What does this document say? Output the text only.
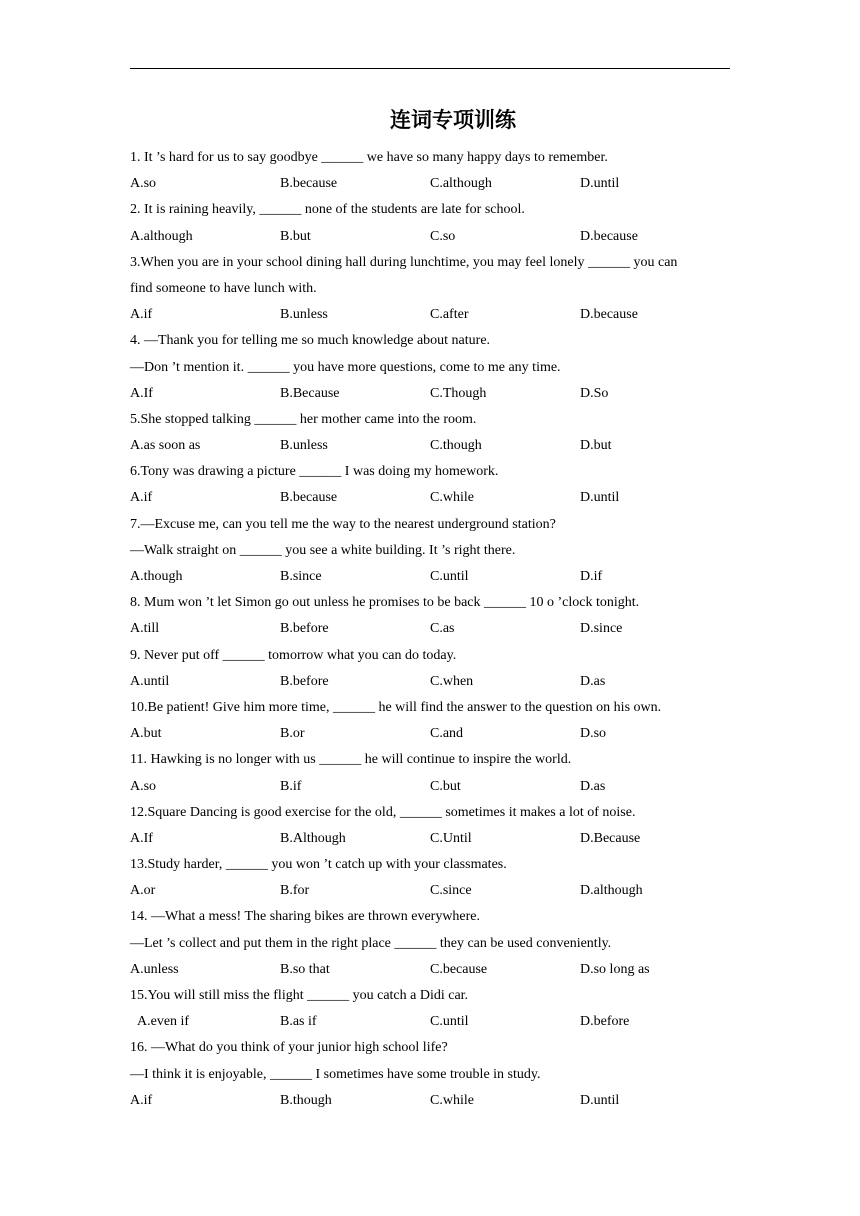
连词专项训练
1. It ’s hard for us to say goodbye ______ we have so many happy days to remember.
A.so	B.because	C.although	D.until
2. It is raining heavily, ______ none of the students are late for school.
A.although	B.but	C.so	D.because
3.When you are in your school dining hall during lunchtime, you may feel lonely ______ you can
find someone to have lunch with.
A.if	B.unless	C.after	D.because
4. —Thank you for telling me so much knowledge about nature.
—Don ’t mention it. ______ you have more questions, come to me any time.
A.If	B.Because	C.Though	D.So
5.She stopped talking ______ her mother came into the room.
A.as soon as	B.unless	C.though	D.but
6.Tony was drawing a picture ______ I was doing my homework.
A.if	B.because	C.while	D.until
7.—Excuse me, can you tell me the way to the nearest underground station?
—Walk straight on ______ you see a white building. It ’s right there.
A.though	B.since	C.until	D.if
8. Mum won ’t let Simon go out unless he promises to be back ______ 10 o ’clock tonight.
A.till	B.before	C.as	D.since
9. Never put off ______ tomorrow what you can do today.
A.until	B.before	C.when	D.as
10.Be patient! Give him more time, ______ he will find the answer to the question on his own.
A.but	B.or	C.and	D.so
11. Hawking is no longer with us ______ he will continue to inspire the world.
A.so	B.if	C.but	D.as
12.Square Dancing is good exercise for the old, ______ sometimes it makes a lot of noise.
A.If	B.Although	C.Until	D.Because
13.Study harder, ______ you won ’t catch up with your classmates.
A.or	B.for	C.since	D.although
14. —What a mess! The sharing bikes are thrown everywhere.
—Let ’s collect and put them in the right place ______ they can be used conveniently.
A.unless	B.so that	C.because	D.so long as
15.You will still miss the flight ______ you catch a Didi car.
A.even if	B.as if	C.until	D.before
16. —What do you think of your junior high school life?
—I think it is enjoyable, ______ I sometimes have some trouble in study.
A.if	B.though	C.while	D.until
